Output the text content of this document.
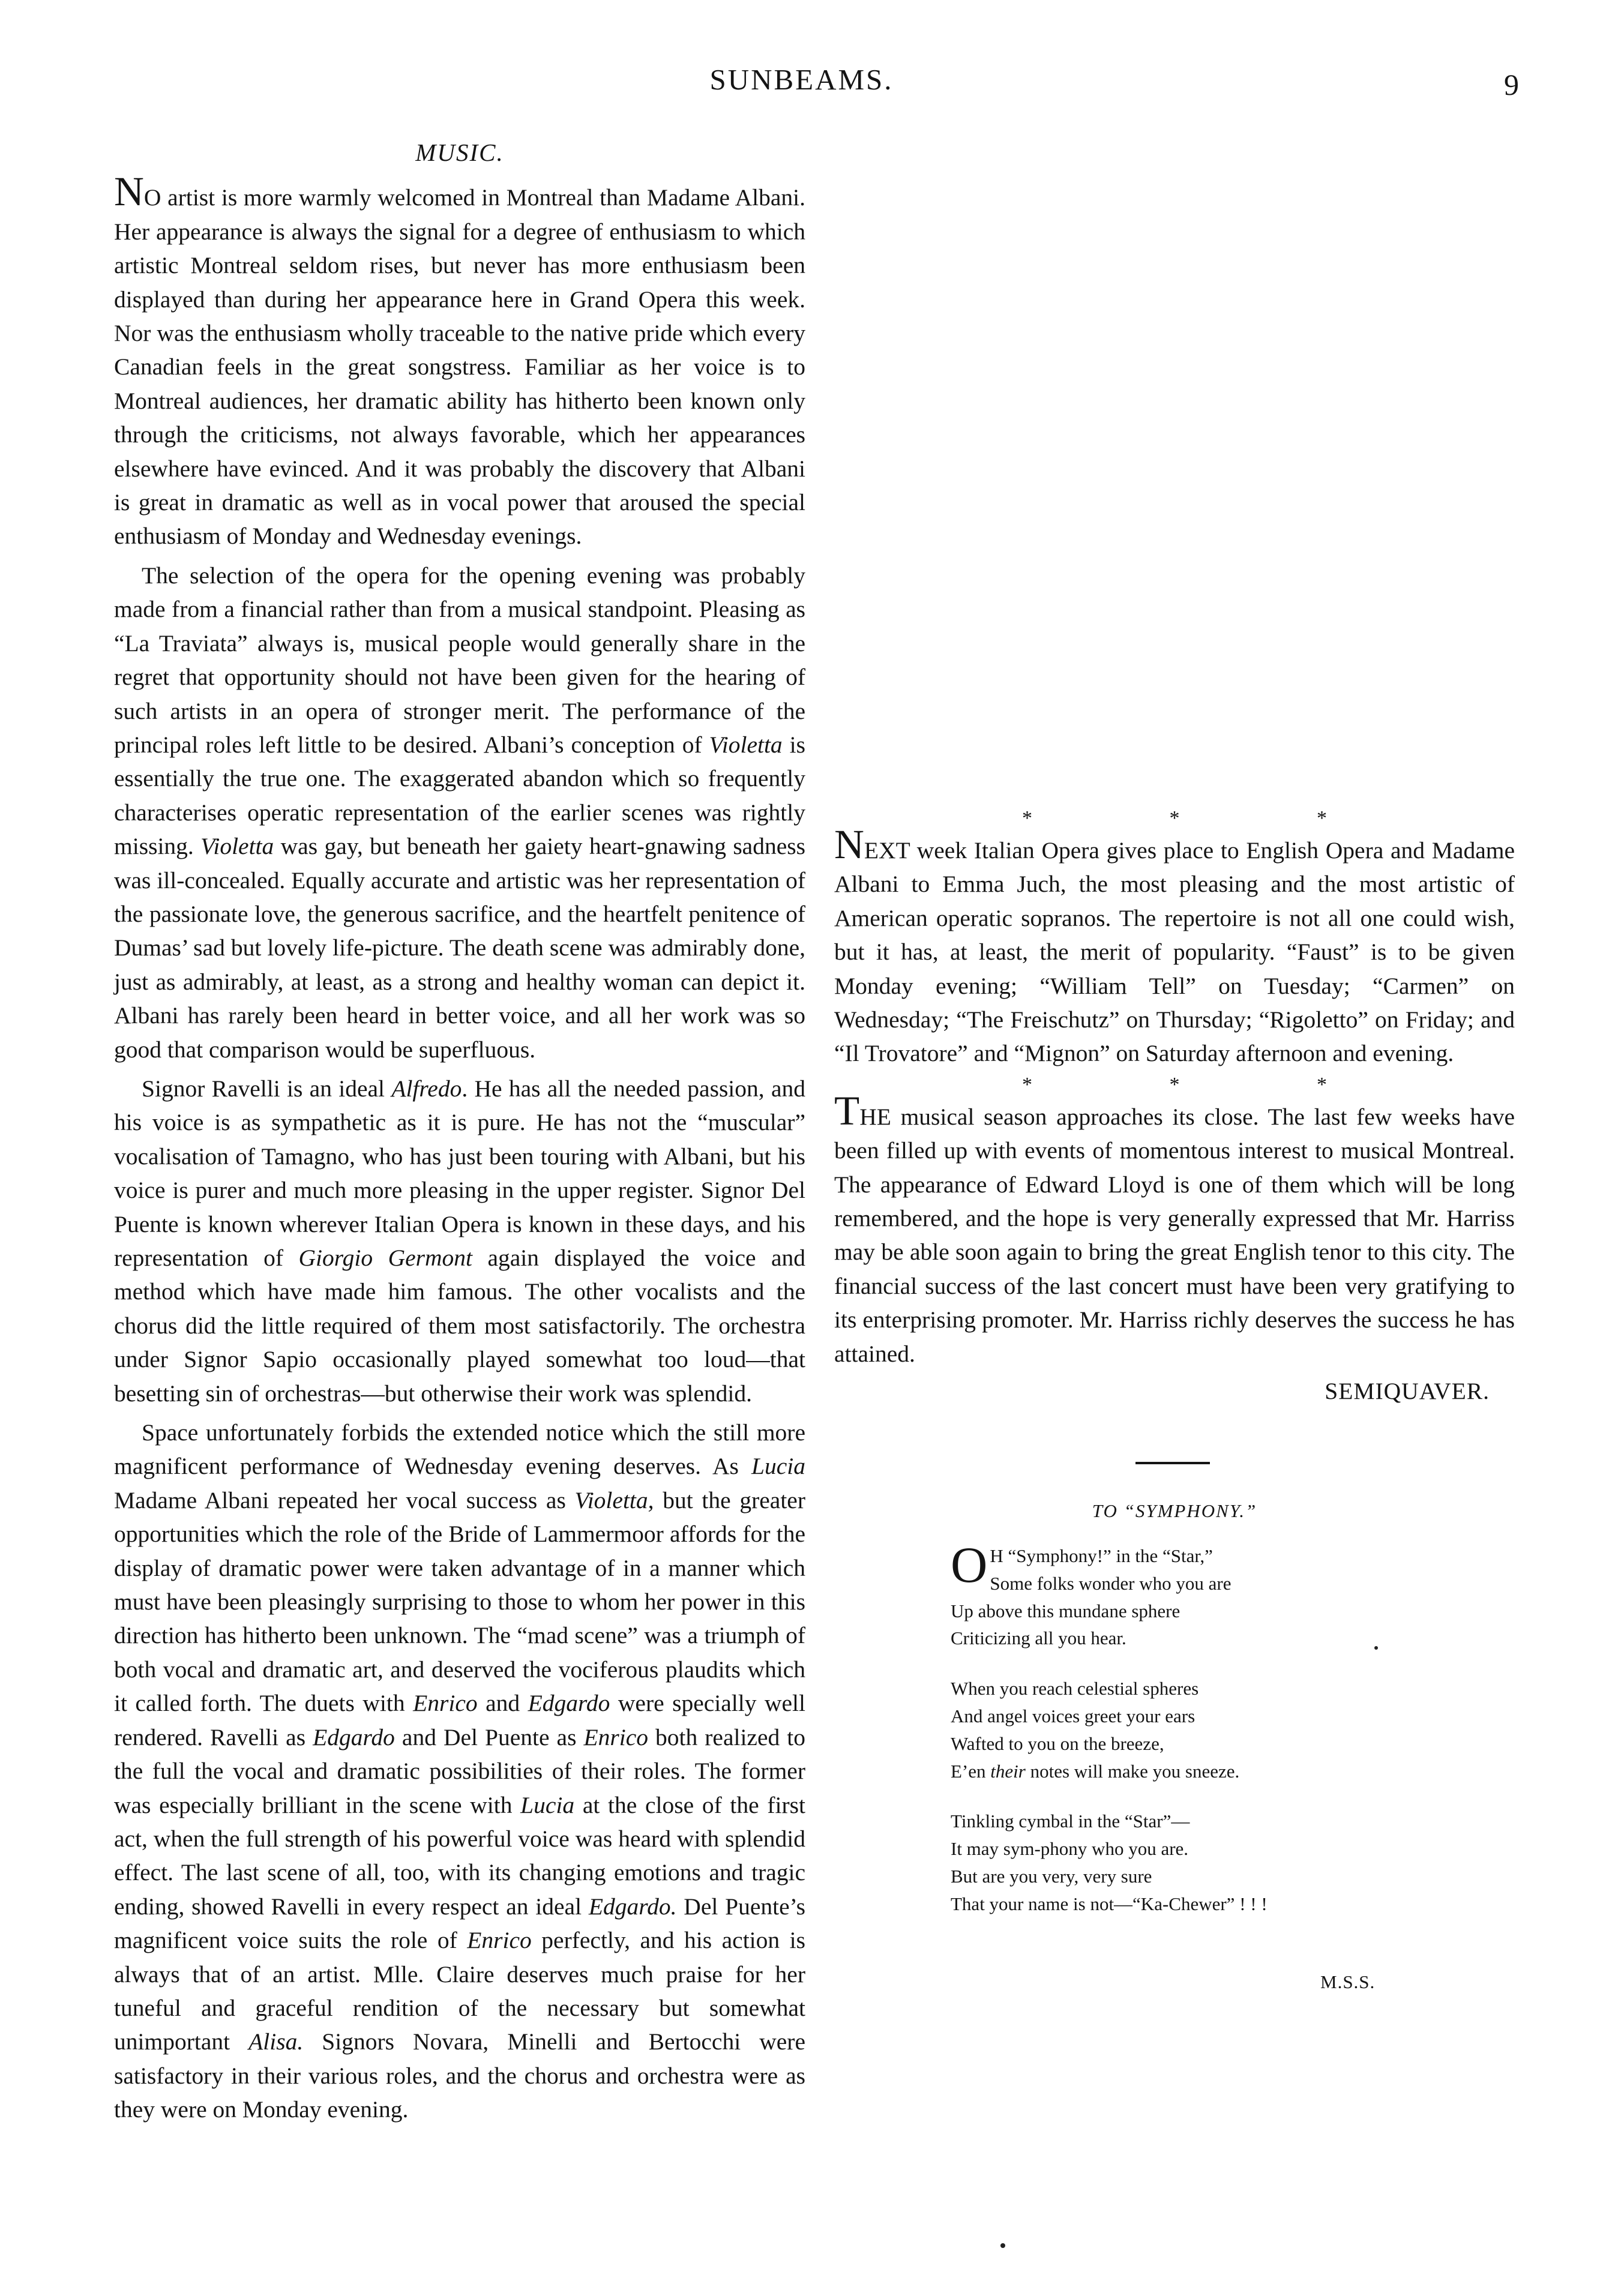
SUNBEAMS.	9
MUSIC.

NO artist is more warmly welcomed in Montreal than Madame Albani. Her appearance is always the signal for a degree of enthusiasm to which artistic Montreal seldom rises, but never has more enthusiasm been displayed than during her appearance here in Grand Opera this week. Nor was the enthusiasm wholly traceable to the native pride which every Canadian feels in the great songstress. Familiar as her voice is to Montreal audiences, her dramatic ability has hitherto been known only through the criticisms, not always favorable, which her appearances elsewhere have evinced. And it was probably the discovery that Albani is great in dramatic as well as in vocal power that aroused the special enthusiasm of Monday and Wednesday evenings.

The selection of the opera for the opening evening was probably made from a financial rather than from a musical standpoint. Pleasing as “La Traviata” always is, musical people would generally share in the regret that opportunity should not have been given for the hearing of such artists in an opera of stronger merit. The performance of the principal roles left little to be desired. Albani’s conception of Violetta is essentially the true one. The exaggerated abandon which so frequently characterises operatic representation of the earlier scenes was rightly missing. Violetta was gay, but beneath her gaiety heart-gnawing sadness was ill-concealed. Equally accurate and artistic was her representation of the passionate love, the generous sacrifice, and the heartfelt penitence of Dumas’ sad but lovely life-picture. The death scene was admirably done, just as admirably, at least, as a strong and healthy woman can depict it. Albani has rarely been heard in better voice, and all her work was so good that comparison would be superfluous.

Signor Ravelli is an ideal Alfredo. He has all the needed passion, and his voice is as sympathetic as it is pure. He has not the “muscular” vocalisation of Tamagno, who has just been touring with Albani, but his voice is purer and much more pleasing in the upper register. Signor Del Puente is known wherever Italian Opera is known in these days, and his representation of Giorgio Germont again displayed the voice and method which have made him famous. The other vocalists and the chorus did the little required of them most satisfactorily. The orchestra under Signor Sapio occasionally played somewhat too loud—that besetting sin of orchestras—but otherwise their work was splendid.

Space unfortunately forbids the extended notice which the still more magnificent performance of Wednesday evening deserves. As Lucia Madame Albani repeated her vocal success as Violetta, but the greater opportunities which the role of the Bride of Lammermoor affords for the display of dramatic power were taken advantage of in a manner which must have been pleasingly surprising to those to whom her power in this direction has hitherto been unknown. The “mad scene” was a triumph of both vocal and dramatic art, and deserved the vociferous plaudits which it called forth. The duets with Enrico and Edgardo were specially well rendered. Ravelli as Edgardo and Del Puente as Enrico both realized to the full the vocal and dramatic possibilities of their roles. The former was especially brilliant in the scene with Lucia at the close of the first act, when the full strength of his powerful voice was heard with splendid effect. The last scene of all, too, with its changing emotions and tragic ending, showed Ravelli in every respect an ideal Edgardo. Del Puente’s magnificent voice suits the role of Enrico perfectly, and his action is always that of an artist. Mlle. Claire deserves much praise for her tuneful and graceful rendition of the necessary but somewhat unimportant Alisa. Signors Novara, Minelli and Bertocchi were satisfactory in their various roles, and the chorus and orchestra were as they were on Monday evening.

* * *

NEXT week Italian Opera gives place to English Opera and Madame Albani to Emma Juch, the most pleasing and the most artistic of American operatic sopranos. The repertoire is not all one could wish, but it has, at least, the merit of popularity. “Faust” is to be given Monday evening; “William Tell” on Tuesday; “Carmen” on Wednesday; “The Freischutz” on Thursday; “Rigoletto” on Friday; and “Il Trovatore” and “Mignon” on Saturday afternoon and evening.

* * *

THE musical season approaches its close. The last few weeks have been filled up with events of momentous interest to musical Montreal. The appearance of Edward Lloyd is one of them which will be long remembered, and the hope is very generally expressed that Mr. Harriss may be able soon again to bring the great English tenor to this city. The financial success of the last concert must have been very gratifying to its enterprising promoter. Mr. Harriss richly deserves the success he has attained.

SEMIQUAVER.
TO “SYMPHONY.”
O H “Symphony!” in the “Star,”
Some folks wonder who you are
Up above this mundane sphere
Criticizing all you hear.
When you reach celestial spheres
And angel voices greet your ears
Wafted to you on the breeze,
E’en their notes will make you sneeze.
Tinkling cymbal in the “Star”—
It may sym-phony who you are.
But are you very, very sure
That your name is not—“Ka-Chewer” ! ! !
M.S.S.
